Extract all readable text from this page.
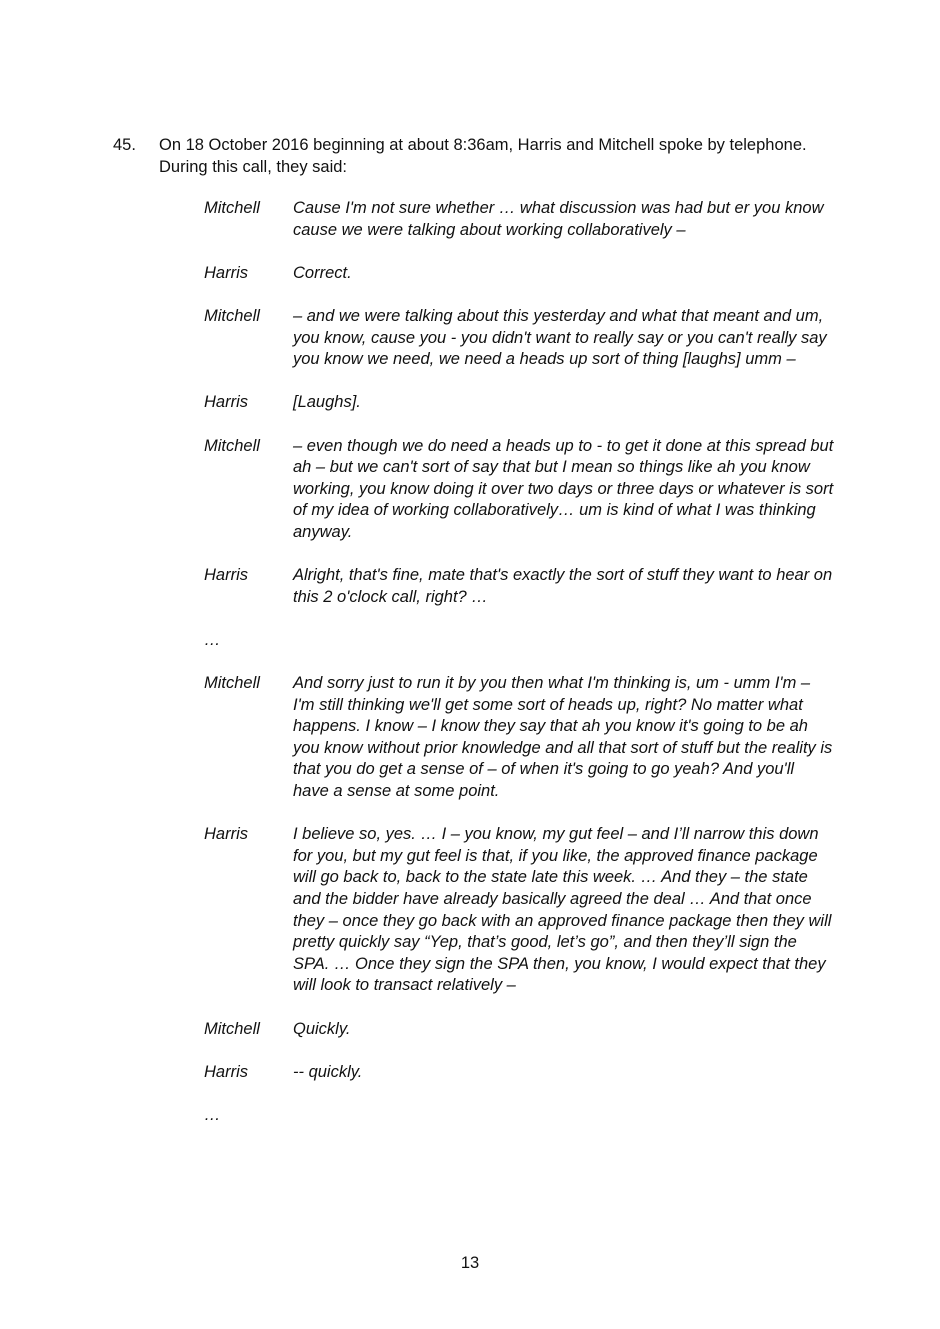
45. On 18 October 2016 beginning at about 8:36am, Harris and Mitchell spoke by telephone. During this call, they said:
Mitchell	Cause I'm not sure whether … what discussion was had but er you know cause we were talking about working collaboratively –
Harris	Correct.
Mitchell	– and we were talking about this yesterday and what that meant and um, you know, cause you - you didn't want to really say or you can't really say you know we need, we need a heads up sort of thing [laughs] umm –
Harris	[Laughs].
Mitchell	– even though we do need a heads up to - to get it done at this spread but ah – but we can't sort of say that but I mean so things like ah you know working, you know doing it over two days or three days or whatever is sort of my idea of working collaboratively… um is kind of what I was thinking anyway.
Harris	Alright, that's fine, mate that's exactly the sort of stuff they want to hear on this 2 o'clock call, right? …
…
Mitchell	And sorry just to run it by you then what I'm thinking is, um - umm I'm – I'm still thinking we'll get some sort of heads up, right? No matter what happens. I know – I know they say that ah you know it's going to be ah you know without prior knowledge and all that sort of stuff but the reality is that you do get a sense of – of when it's going to go yeah? And you'll have a sense at some point.
Harris	I believe so, yes. … I – you know, my gut feel – and I’ll narrow this down for you, but my gut feel is that, if you like, the approved finance package will go back to, back to the state late this week. … And they – the state and the bidder have already basically agreed the deal … And that once they – once they go back with an approved finance package then they will pretty quickly say “Yep, that’s good, let’s go”, and then they’ll sign the SPA. … Once they sign the SPA then, you know, I would expect that they will look to transact relatively –
Mitchell	Quickly.
Harris	-- quickly.
…
13
